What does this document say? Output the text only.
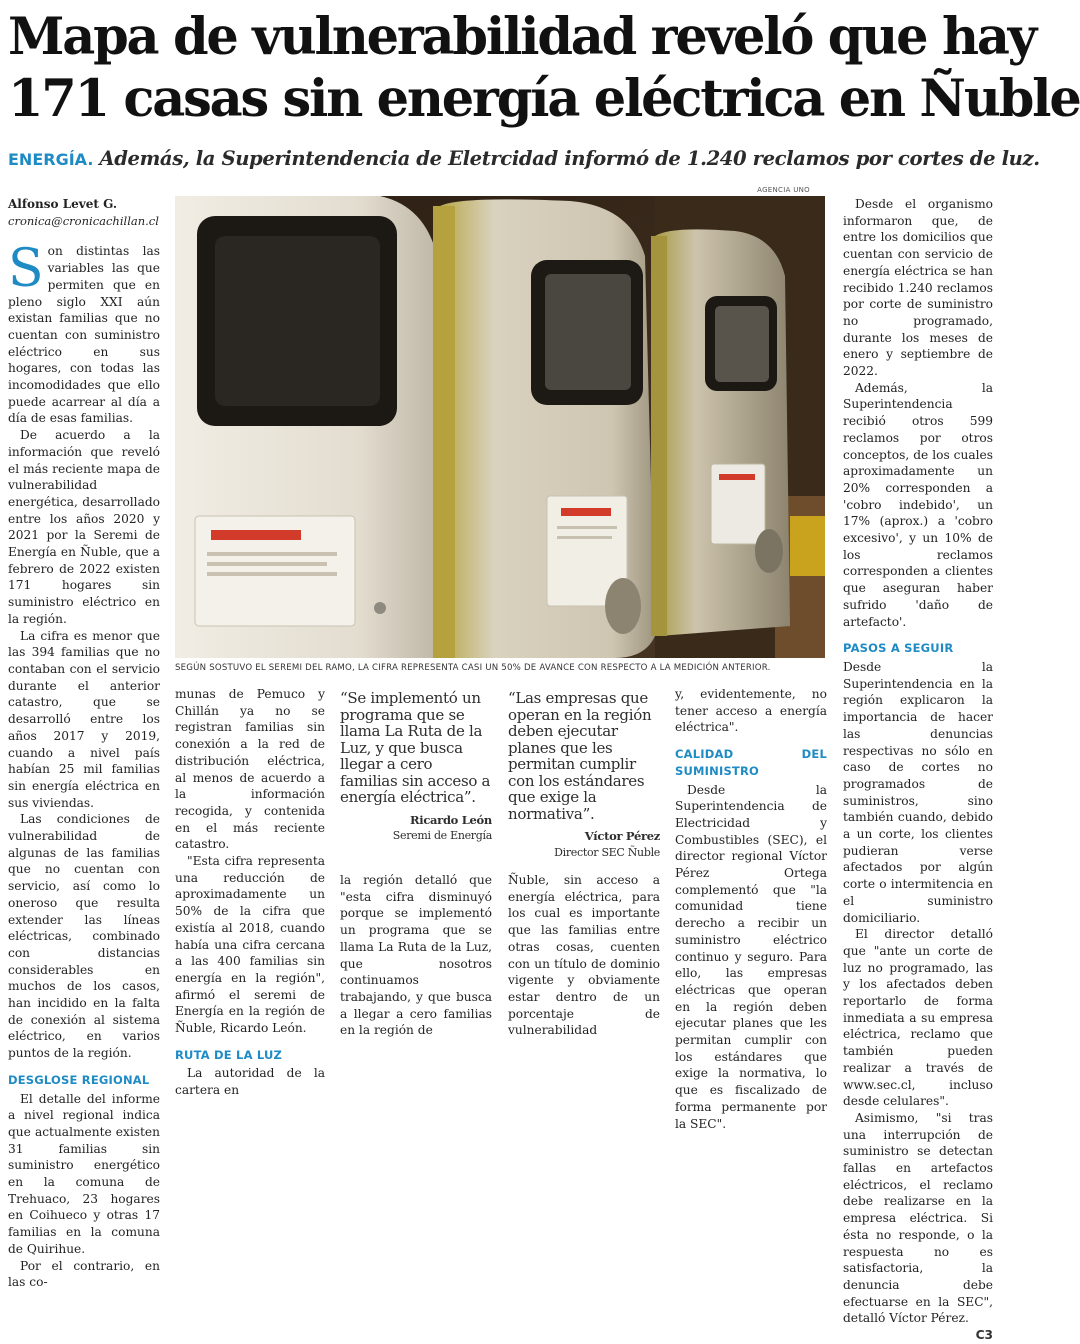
Mapa de vulnerabilidad reveló que hay
171 casas sin energía eléctrica en Ñuble
ENERGÍA. Además, la Superintendencia de Eletrcidad informó de 1.240 reclamos por cortes de luz.
Alfonso Levet G.
cronica@cronicachillan.cl

Son distintas las variables las que permiten que en pleno siglo XXI aún existan familias que no cuentan con suministro eléctrico en sus hogares, con todas las incomodidades que ello puede acarrear al día a día de esas familias.

De acuerdo a la información que reveló el más reciente mapa de vulnerabilidad energética, desarrollado entre los años 2020 y 2021 por la Seremi de Energía en Ñuble, que a febrero de 2022 existen 171 hogares sin suministro eléctrico en la región.

La cifra es menor que las 394 familias que no contaban con el servicio durante el anterior catastro, que se desarrolló entre los años 2017 y 2019, cuando a nivel país habían 25 mil familias sin energía eléctrica en sus viviendas.

Las condiciones de vulnerabilidad de algunas de las familias que no cuentan con servicio, así como lo oneroso que resulta extender las líneas eléctricas, combinado con distancias considerables en muchos de los casos, han incidido en la falta de conexión al sistema eléctrico, en varios puntos de la región.

DESGLOSE REGIONAL

El detalle del informe a nivel regional indica que actualmente existen 31 familias sin suministro energético en la comuna de Trehuaco, 23 hogares en Coihueco y otras 17 familias en la comuna de Quirihue.

Por el contrario, en las co-

AGENCIA UNO
SEGÚN SOSTUVO EL SEREMI DEL RAMO, LA CIFRA REPRESENTA CASI UN 50% DE AVANCE CON RESPECTO A LA MEDICIÓN ANTERIOR.

munas de Pemuco y Chillán ya no se registran familias sin conexión a la red de distribución eléctrica, al menos de acuerdo a la información recogida, y contenida en el más reciente catastro.

"Esta cifra representa una reducción de aproximadamente un 50% de la cifra que existía al 2018, cuando había una cifra cercana a las 400 familias sin energía en la región", afirmó el seremi de Energía en la región de Ñuble, Ricardo León.

RUTA DE LA LUZ

La autoridad de la cartera en

“Se implementó un programa que se llama La Ruta de la Luz, y que busca llegar a cero familias sin acceso a energía eléctrica”.
Ricardo León
Seremi de Energía

la región detalló que "esta cifra disminuyó porque se implementó un programa que se llama La Ruta de la Luz, que nosotros continuamos trabajando, y que busca a llegar a cero familias en la región de

“Las empresas que operan en la región deben ejecutar planes que les permitan cumplir con los estándares que exige la normativa”.
Víctor Pérez
Director SEC Ñuble

Ñuble, sin acceso a energía eléctrica, para los cual es importante que las familias entre otras cosas, cuenten con un título de dominio vigente y obviamente estar dentro de un porcentaje de vulnerabilidad

y, evidentemente, no tener acceso a energía eléctrica".

CALIDAD DEL SUMINISTRO

Desde la Superintendencia de Electricidad y Combustibles (SEC), el director regional Víctor Pérez Ortega complementó que "la comunidad tiene derecho a recibir un suministro eléctrico continuo y seguro. Para ello, las empresas eléctricas que operan en la región deben ejecutar planes que les permitan cumplir con los estándares que exige la normativa, lo que es fiscalizado de forma permanente por la SEC".

Desde el organismo informaron que, de entre los domicilios que cuentan con servicio de energía eléctrica se han recibido 1.240 reclamos por corte de suministro no programado, durante los meses de enero y septiembre de 2022.

Además, la Superintendencia recibió otros 599 reclamos por otros conceptos, de los cuales aproximadamente un 20% corresponden a 'cobro indebido', un 17% (aprox.) a 'cobro excesivo', y un 10% de los reclamos corresponden a clientes que aseguran haber sufrido 'daño de artefacto'.

PASOS A SEGUIR

Desde la Superintendencia en la región explicaron la importancia de hacer las denuncias respectivas no sólo en caso de cortes no programados de suministros, sino también cuando, debido a un corte, los clientes pudieran verse afectados por algún corte o intermitencia en el suministro domiciliario.

El director detalló que "ante un corte de luz no programado, las y los afectados deben reportarlo de forma inmediata a su empresa eléctrica, reclamo que también pueden realizar a través de www.sec.cl, incluso desde celulares".

Asimismo, "si tras una interrupción de suministro se detectan fallas en artefactos eléctricos, el reclamo debe realizarse en la empresa eléctrica. Si ésta no responde, o la respuesta no es satisfactoria, la denuncia debe efectuarse en la SEC", detalló Víctor Pérez.
C3
